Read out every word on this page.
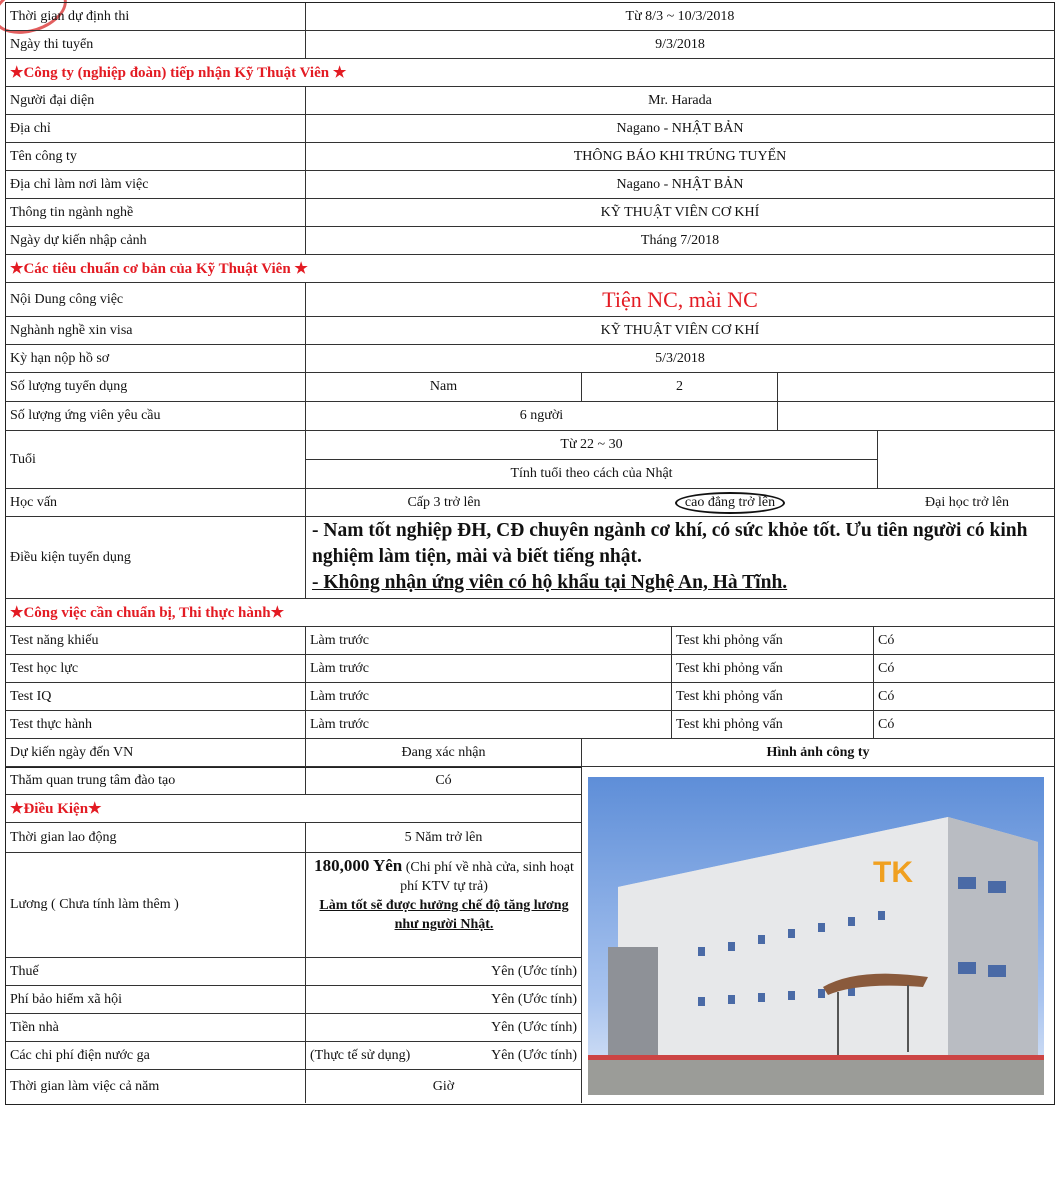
Thời gian dự định thi	Từ 8/3 ~ 10/3/2018
Ngày thi tuyển	9/3/2018
★Công ty (nghiệp đoàn) tiếp nhận Kỹ Thuật Viên ★
Người đại diện	Mr. Harada
Địa chỉ	Nagano - NHẬT BẢN
Tên công ty	THÔNG BÁO KHI TRÚNG TUYỂN
Địa chỉ làm nơi làm việc	Nagano - NHẬT BẢN
Thông tin ngành nghề	KỸ THUẬT VIÊN CƠ KHÍ
Ngày dự kiến nhập cảnh	Tháng 7/2018
★Các tiêu chuẩn cơ bản của Kỹ Thuật Viên ★
Nội Dung công việc	Tiện NC, mài NC
Nghành nghề xin visa	KỸ THUẬT VIÊN CƠ KHÍ
Kỳ hạn nộp hồ sơ	5/3/2018
Số lượng tuyển dụng	Nam	2
Số lượng ứng viên yêu cầu	6 người
Tuổi
Từ 22 ~ 30
Tính tuổi theo cách của Nhật
Học vấn	Cấp 3 trở lên	cao đẳng trở lên	Đại học trở lên
Điều kiện tuyển dụng
- Nam tốt nghiệp ĐH, CĐ chuyên ngành cơ khí, có sức khỏe tốt. Ưu tiên người có kinh nghiệm làm tiện, mài và biết tiếng nhật.
- Không nhận ứng viên có hộ khẩu tại Nghệ An, Hà Tĩnh.
★Công việc cần chuẩn bị, Thi thực hành★
Test năng khiếu	Làm trước	Test khi phỏng vấn	Có
Test học lực	Làm trước	Test khi phỏng vấn	Có
Test IQ	Làm trước	Test khi phỏng vấn	Có
Test thực hành	Làm trước	Test khi phỏng vấn	Có
Dự kiến ngày đến VN	Đang xác nhận	Hình ảnh công ty
Thăm quan trung tâm đào tạo	Có
★Điều Kiện★
Thời gian lao động	5 Năm trở lên
Lương ( Chưa tính làm thêm )
180,000 Yên (Chi phí về nhà cửa, sinh hoạt phí KTV tự trả)
Làm tốt sẽ được hưởng chế độ tăng lương như người Nhật.
Thuế	Yên (Ước tính)
Phí bảo hiểm xã hội	Yên (Ước tính)
Tiền nhà	Yên (Ước tính)
Các chi phí điện nước ga	(Thực tế sử dụng)	Yên (Ước tính)
Thời gian làm việc cả năm	Giờ
TK
